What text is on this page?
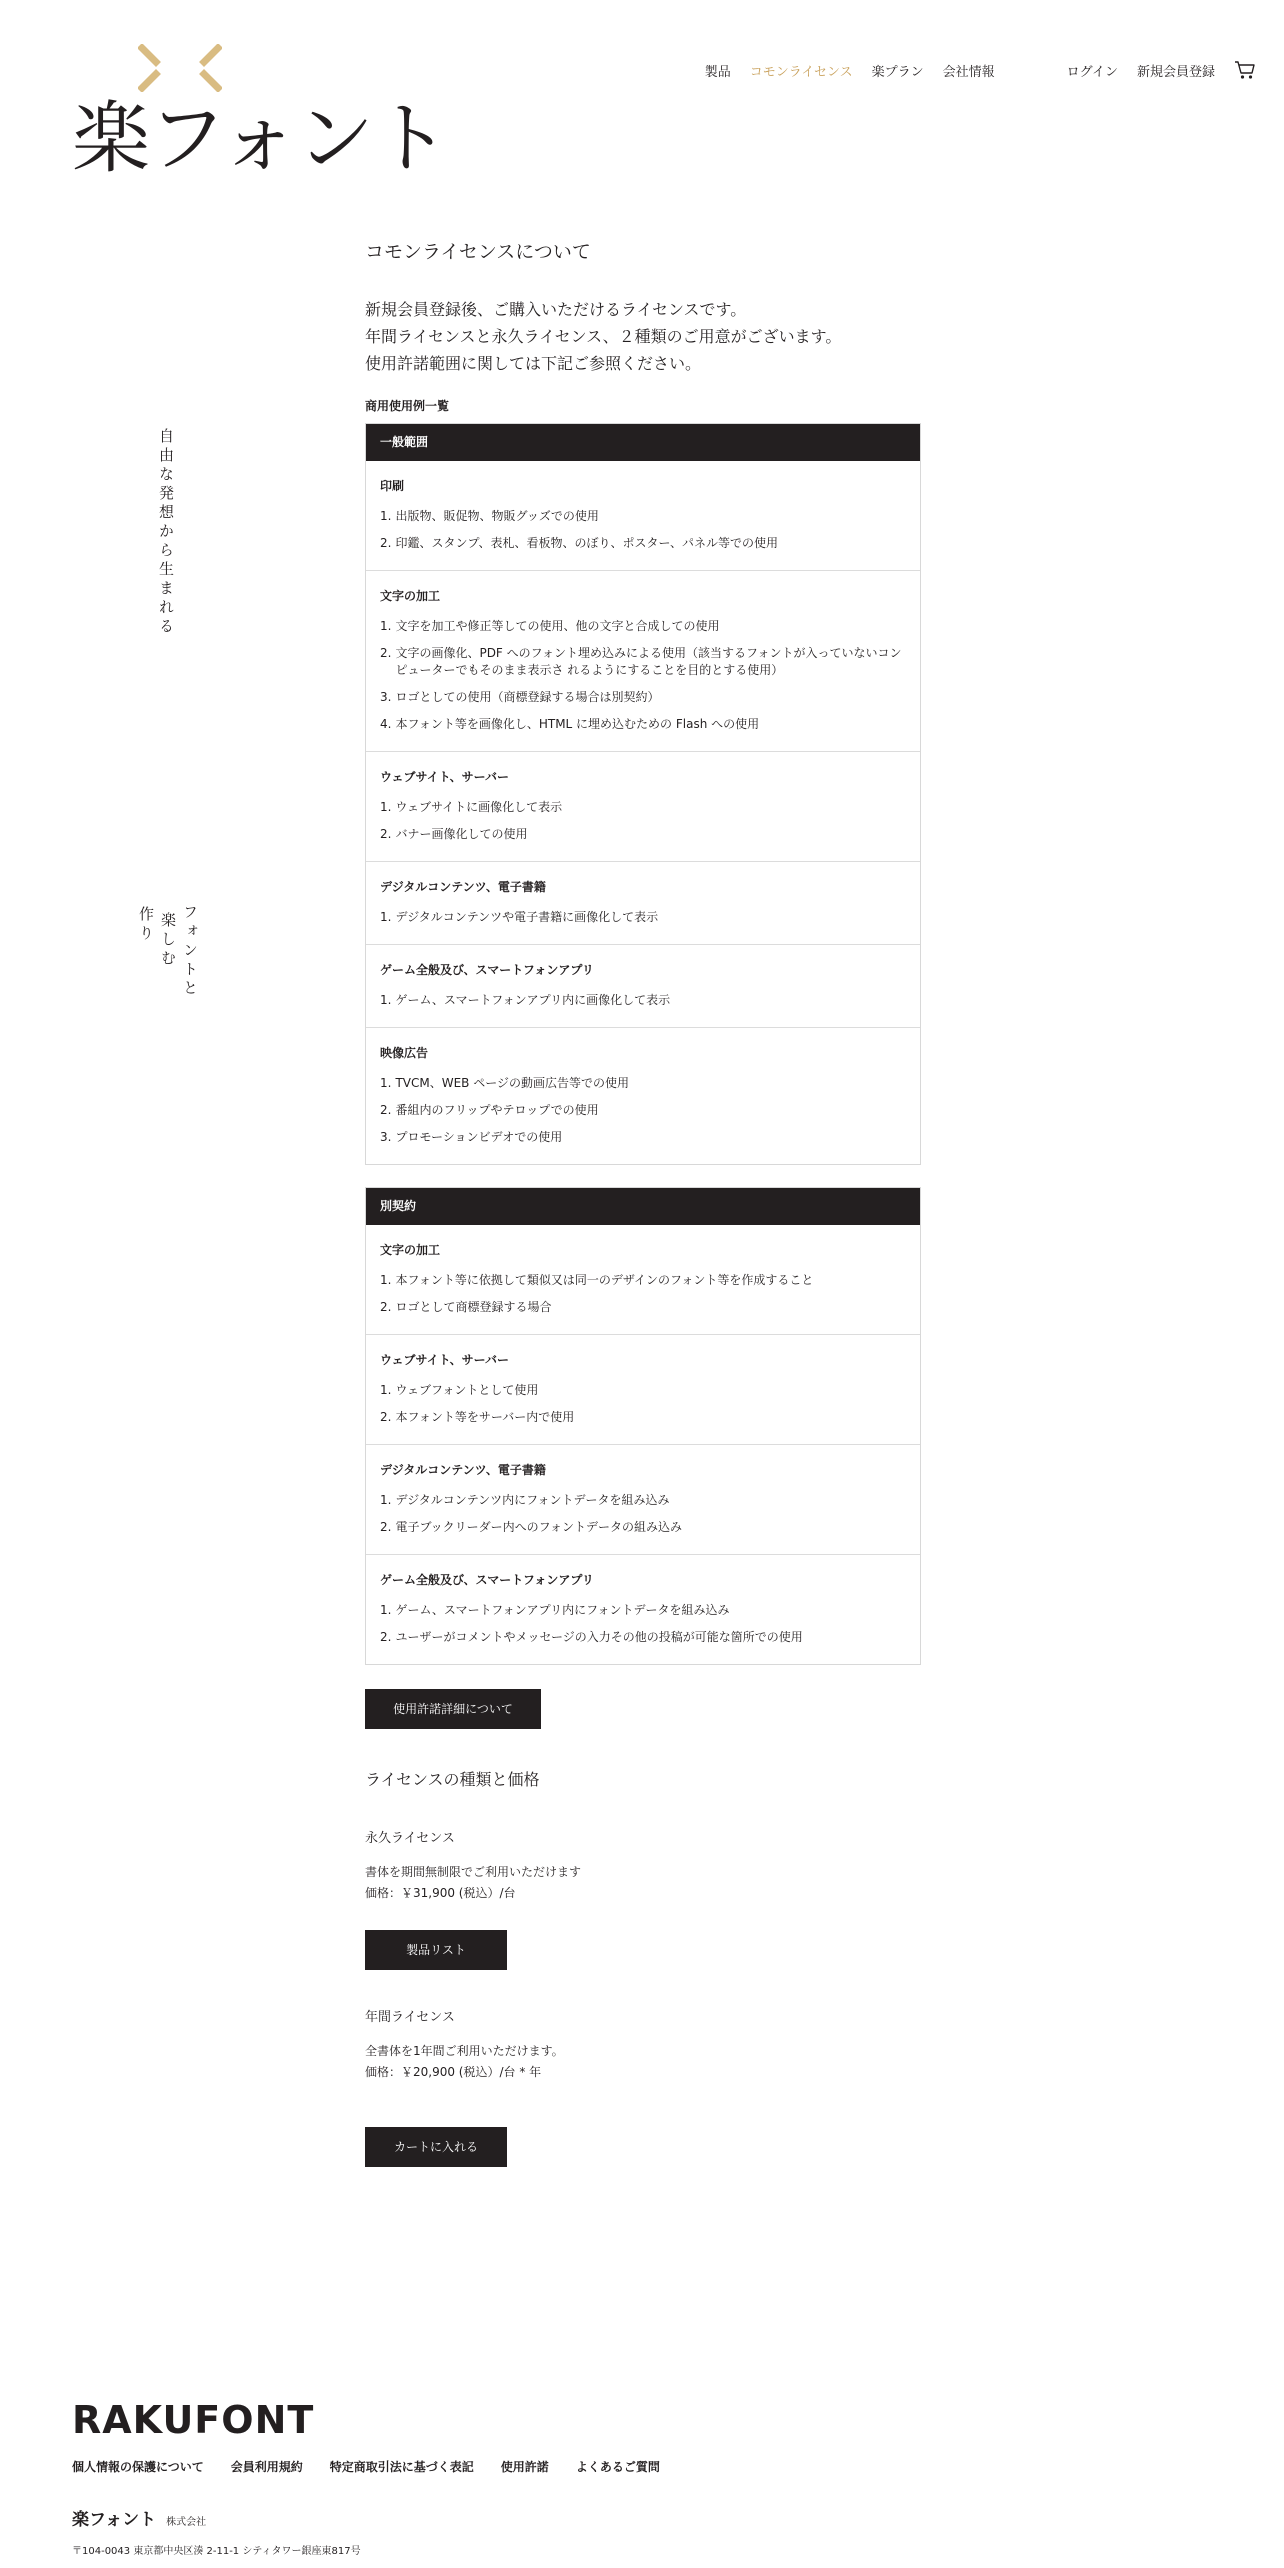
楽フォント
製品 コモンライセンス 楽プラン 会社情報	ログイン 新規会員登録
自由な発想から生まれる
フォントと
楽しむ
作り
コモンライセンスについて
新規会員登録後、ご購入いただけるライセンスです。
年間ライセンスと永久ライセンス、２種類のご用意がございます。
使用許諾範囲に関しては下記ご参照ください。
商用使用例一覧
一般範囲
印刷
1. 出版物、販促物、物販グッズでの使用
2. 印鑑、スタンプ、表札、看板物、のぼり、ポスター、パネル等での使用
文字の加工
1. 文字を加工や修正等しての使用、他の文字と合成しての使用
2. 文字の画像化、PDF へのフォント埋め込みによる使用（該当するフォントが入っていないコンピューターでもそのまま表示さ れるようにすることを目的とする使用）
3. ロゴとしての使用（商標登録する場合は別契約）
4. 本フォント等を画像化し、HTML に埋め込むための Flash への使用
ウェブサイト、サーバー
1. ウェブサイトに画像化して表示
2. バナー画像化しての使用
デジタルコンテンツ、電子書籍
1. デジタルコンテンツや電子書籍に画像化して表示
ゲーム全般及び、スマートフォンアプリ
1. ゲーム、スマートフォンアプリ内に画像化して表示
映像広告
1. TVCM、WEB ページの動画広告等での使用
2. 番組内のフリップやテロップでの使用
3. プロモーションビデオでの使用
別契約
文字の加工
1. 本フォント等に依拠して類似又は同一のデザインのフォント等を作成すること
2. ロゴとして商標登録する場合
ウェブサイト、サーバー
1. ウェブフォントとして使用
2. 本フォント等をサーバー内で使用
デジタルコンテンツ、電子書籍
1. デジタルコンテンツ内にフォントデータを組み込み
2. 電子ブックリーダー内へのフォントデータの組み込み
ゲーム全般及び、スマートフォンアプリ
1. ゲーム、スマートフォンアプリ内にフォントデータを組み込み
2. ユーザーがコメントやメッセージの入力その他の投稿が可能な箇所での使用
使用許諾詳細について
ライセンスの種類と価格
永久ライセンス
書体を期間無制限でご利用いただけます
価格：￥31,900 (税込）/台
製品リスト
年間ライセンス
全書体を1年間ご利用いただけます。
価格：￥20,900 (税込）/台 * 年
カートに入れる
RAKUFONT
個人情報の保護について 会員利用規約 特定商取引法に基づく表記 使用許諾 よくあるご質問
楽フォント 株式会社
〒104-0043 東京都中央区湊 2-11-1 シティタワー銀座東817号
